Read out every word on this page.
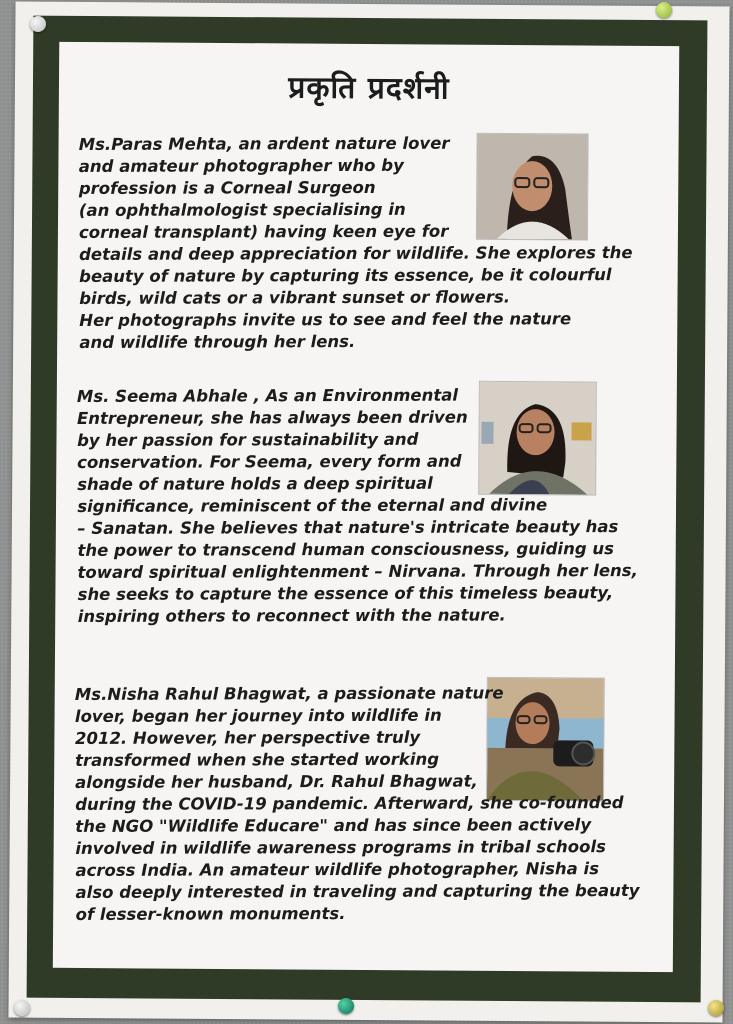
प्रकृति प्रदर्शनी
Ms.Paras Mehta, an ardent nature lover
and amateur photographer who by
profession is a Corneal Surgeon
(an ophthalmologist specialising in
corneal transplant) having keen eye for
details and deep appreciation for wildlife. She explores the
beauty of nature by capturing its essence, be it colourful
birds, wild cats or a vibrant sunset or flowers.
Her photographs invite us to see and feel the nature
and wildlife through her lens.
Ms. Seema Abhale , As an Environmental
Entrepreneur, she has always been driven
by her passion for sustainability and
conservation. For Seema, every form and
shade of nature holds a deep spiritual
significance, reminiscent of the eternal and divine
– Sanatan. She believes that nature's intricate beauty has
the power to transcend human consciousness, guiding us
toward spiritual enlightenment – Nirvana. Through her lens,
she seeks to capture the essence of this timeless beauty,
inspiring others to reconnect with the nature.
Ms.Nisha Rahul Bhagwat, a passionate nature
lover, began her journey into wildlife in
2012. However, her perspective truly
transformed when she started working
alongside her husband, Dr. Rahul Bhagwat,
during the COVID-19 pandemic. Afterward, she co-founded
the NGO "Wildlife Educare" and has since been actively
involved in wildlife awareness programs in tribal schools
across India. An amateur wildlife photographer, Nisha is
also deeply interested in traveling and capturing the beauty
of lesser-known monuments.
